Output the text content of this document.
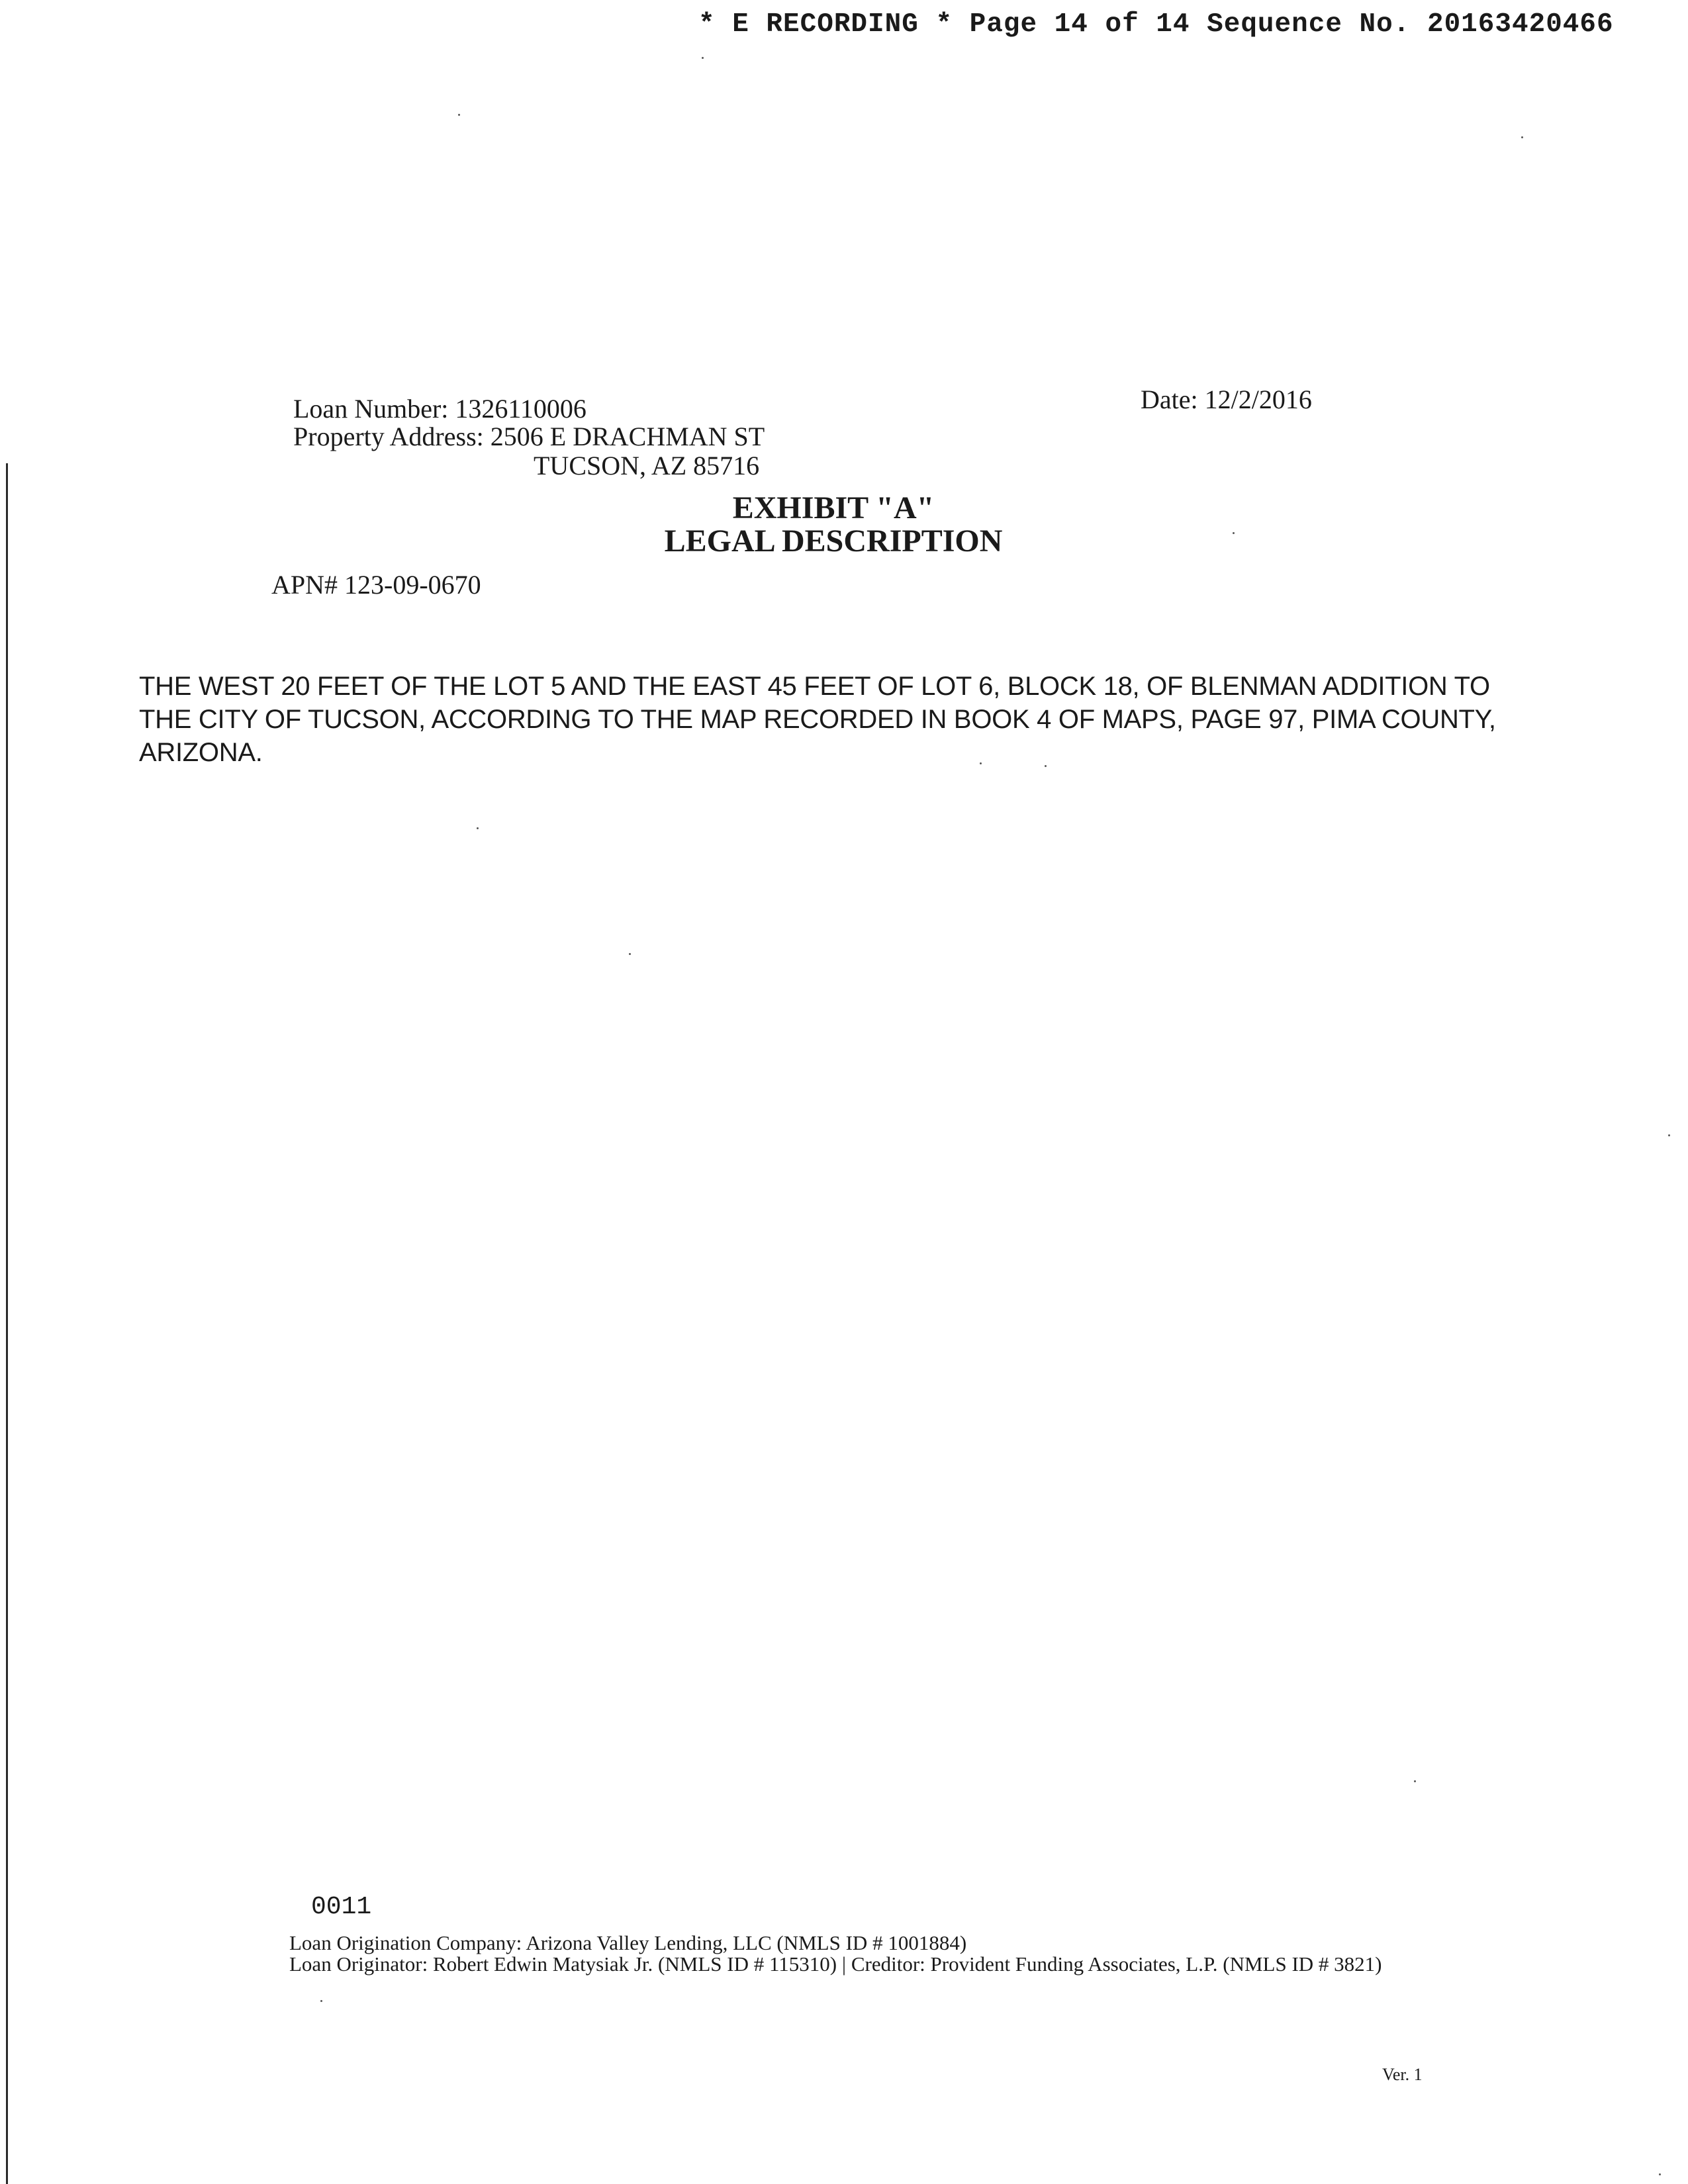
* E RECORDING * Page 14 of 14 Sequence No. 20163420466
Loan Number: 1326110006
Property Address: 2506 E DRACHMAN ST
TUCSON, AZ 85716
Date: 12/2/2016
EXHIBIT "A"
LEGAL DESCRIPTION
APN# 123-09-0670
THE WEST 20 FEET OF THE LOT 5 AND THE EAST 45 FEET OF LOT 6, BLOCK 18, OF BLENMAN ADDITION TO THE CITY OF TUCSON, ACCORDING TO THE MAP RECORDED IN BOOK 4 OF MAPS, PAGE 97, PIMA COUNTY, ARIZONA.
0011
Loan Origination Company: Arizona Valley Lending, LLC (NMLS ID # 1001884)
Loan Originator: Robert Edwin Matysiak Jr. (NMLS ID # 115310) | Creditor: Provident Funding Associates, L.P. (NMLS ID # 3821)
Ver. 1
